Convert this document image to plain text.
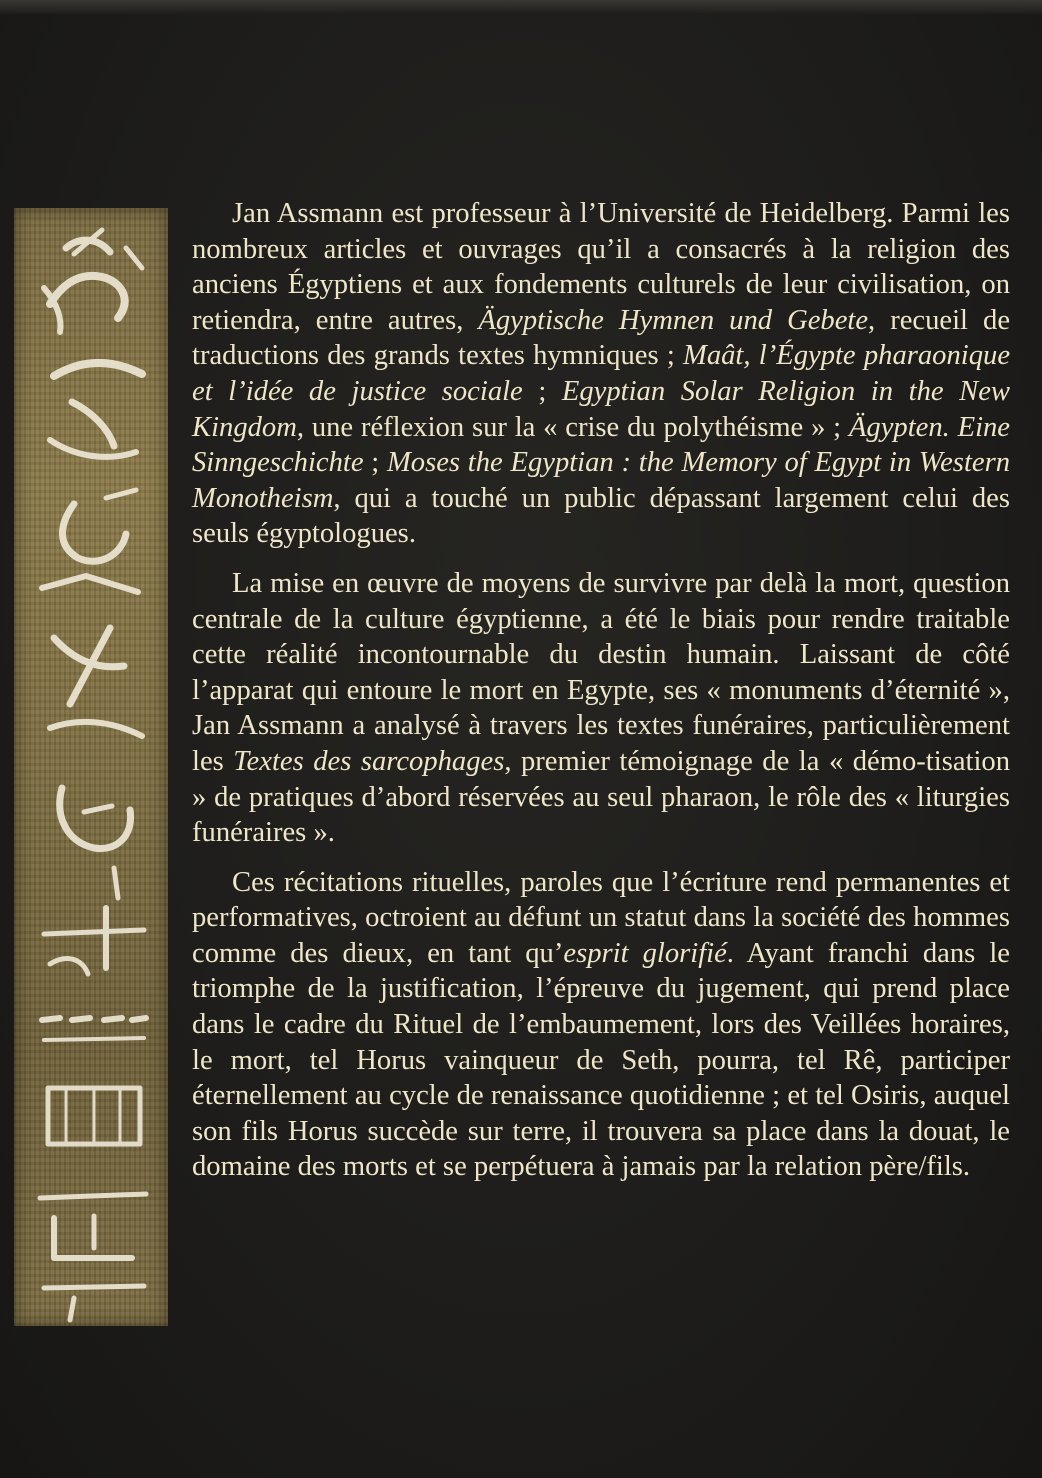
Jan Assmann est professeur à l’Université de Heidelberg. Parmi les nombreux articles et ouvrages qu’il a consacrés à la religion des anciens Égyptiens et aux fondements culturels de leur civilisation, on retiendra, entre autres, Ägyptische Hymnen und Gebete, recueil de traductions des grands textes hymniques ; Maât, l’Égypte pharaonique et l’idée de justice sociale ; Egyptian Solar Religion in the New Kingdom, une réflexion sur la « crise du polythéisme » ; Ägypten. Eine Sinngeschichte ; Moses the Egyptian : the Memory of Egypt in Western Monotheism, qui a touché un public dépassant largement celui des seuls égyptologues.

La mise en œuvre de moyens de survivre par delà la mort, question centrale de la culture égyptienne, a été le biais pour rendre traitable cette réalité incontournable du destin humain. Laissant de côté l’apparat qui entoure le mort en Egypte, ses « monuments d’éternité », Jan Assmann a analysé à travers les textes funéraires, particulièrement les Textes des sarcophages, premier témoignage de la « démo-tisation » de pratiques d’abord réservées au seul pharaon, le rôle des « liturgies funéraires ».

Ces récitations rituelles, paroles que l’écriture rend permanentes et performatives, octroient au défunt un statut dans la société des hommes comme des dieux, en tant qu’esprit glorifié. Ayant franchi dans le triomphe de la justification, l’épreuve du jugement, qui prend place dans le cadre du Rituel de l’embaumement, lors des Veillées horaires, le mort, tel Horus vainqueur de Seth, pourra, tel Rê, participer éternellement au cycle de renaissance quotidienne ; et tel Osiris, auquel son fils Horus succède sur terre, il trouvera sa place dans la douat, le domaine des morts et se perpétuera à jamais par la relation père/fils.
